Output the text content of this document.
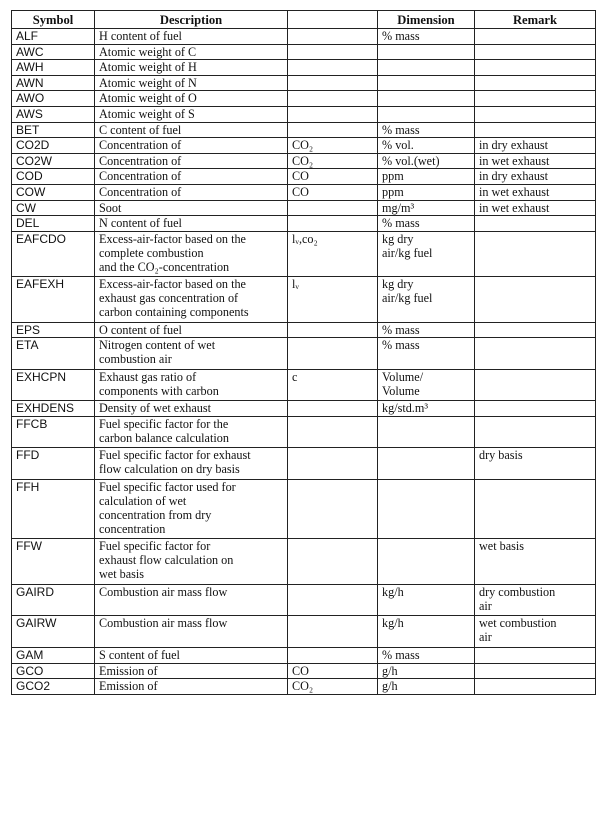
Symbol	Description		Dimension	Remark
ALF	H content of fuel		% mass	
AWC	Atomic weight of C			
AWH	Atomic weight of H			
AWN	Atomic weight of N			
AWO	Atomic weight of O			
AWS	Atomic weight of S			
BET	C content of fuel		% mass	
CO2D	Concentration of	CO₂	% vol.	in dry exhaust
CO2W	Concentration of	CO₂	% vol.(wet)	in wet exhaust
COD	Concentration of	CO	ppm	in dry exhaust
COW	Concentration of	CO	ppm	in wet exhaust
CW	Soot		mg/m³	in wet exhaust
DEL	N content of fuel		% mass	
EAFCDO	Excess-air-factor based on the
complete combustion
and the CO₂-concentration	lᵥ,co₂	kg dry
air/kg fuel	
EAFEXH	Excess-air-factor based on the
exhaust gas concentration of
carbon containing components	lᵥ	kg dry
air/kg fuel	
EPS	O content of fuel		% mass	
ETA	Nitrogen content of wet
combustion air		% mass	
EXHCPN	Exhaust gas ratio of
components with carbon	c	Volume/
Volume	
EXHDENS	Density of wet exhaust		kg/std.m³	
FFCB	Fuel specific factor for the
carbon balance calculation			
FFD	Fuel specific factor for exhaust
flow calculation on dry basis			dry basis
FFH	Fuel specific factor used for
calculation of wet
concentration from dry
concentration			
FFW	Fuel specific factor for
exhaust flow calculation on
wet basis			wet basis
GAIRD	Combustion air mass flow		kg/h	dry combustion
air
GAIRW	Combustion air mass flow		kg/h	wet combustion
air
GAM	S content of fuel		% mass	
GCO	Emission of	CO	g/h	
GCO2	Emission of	CO₂	g/h	
